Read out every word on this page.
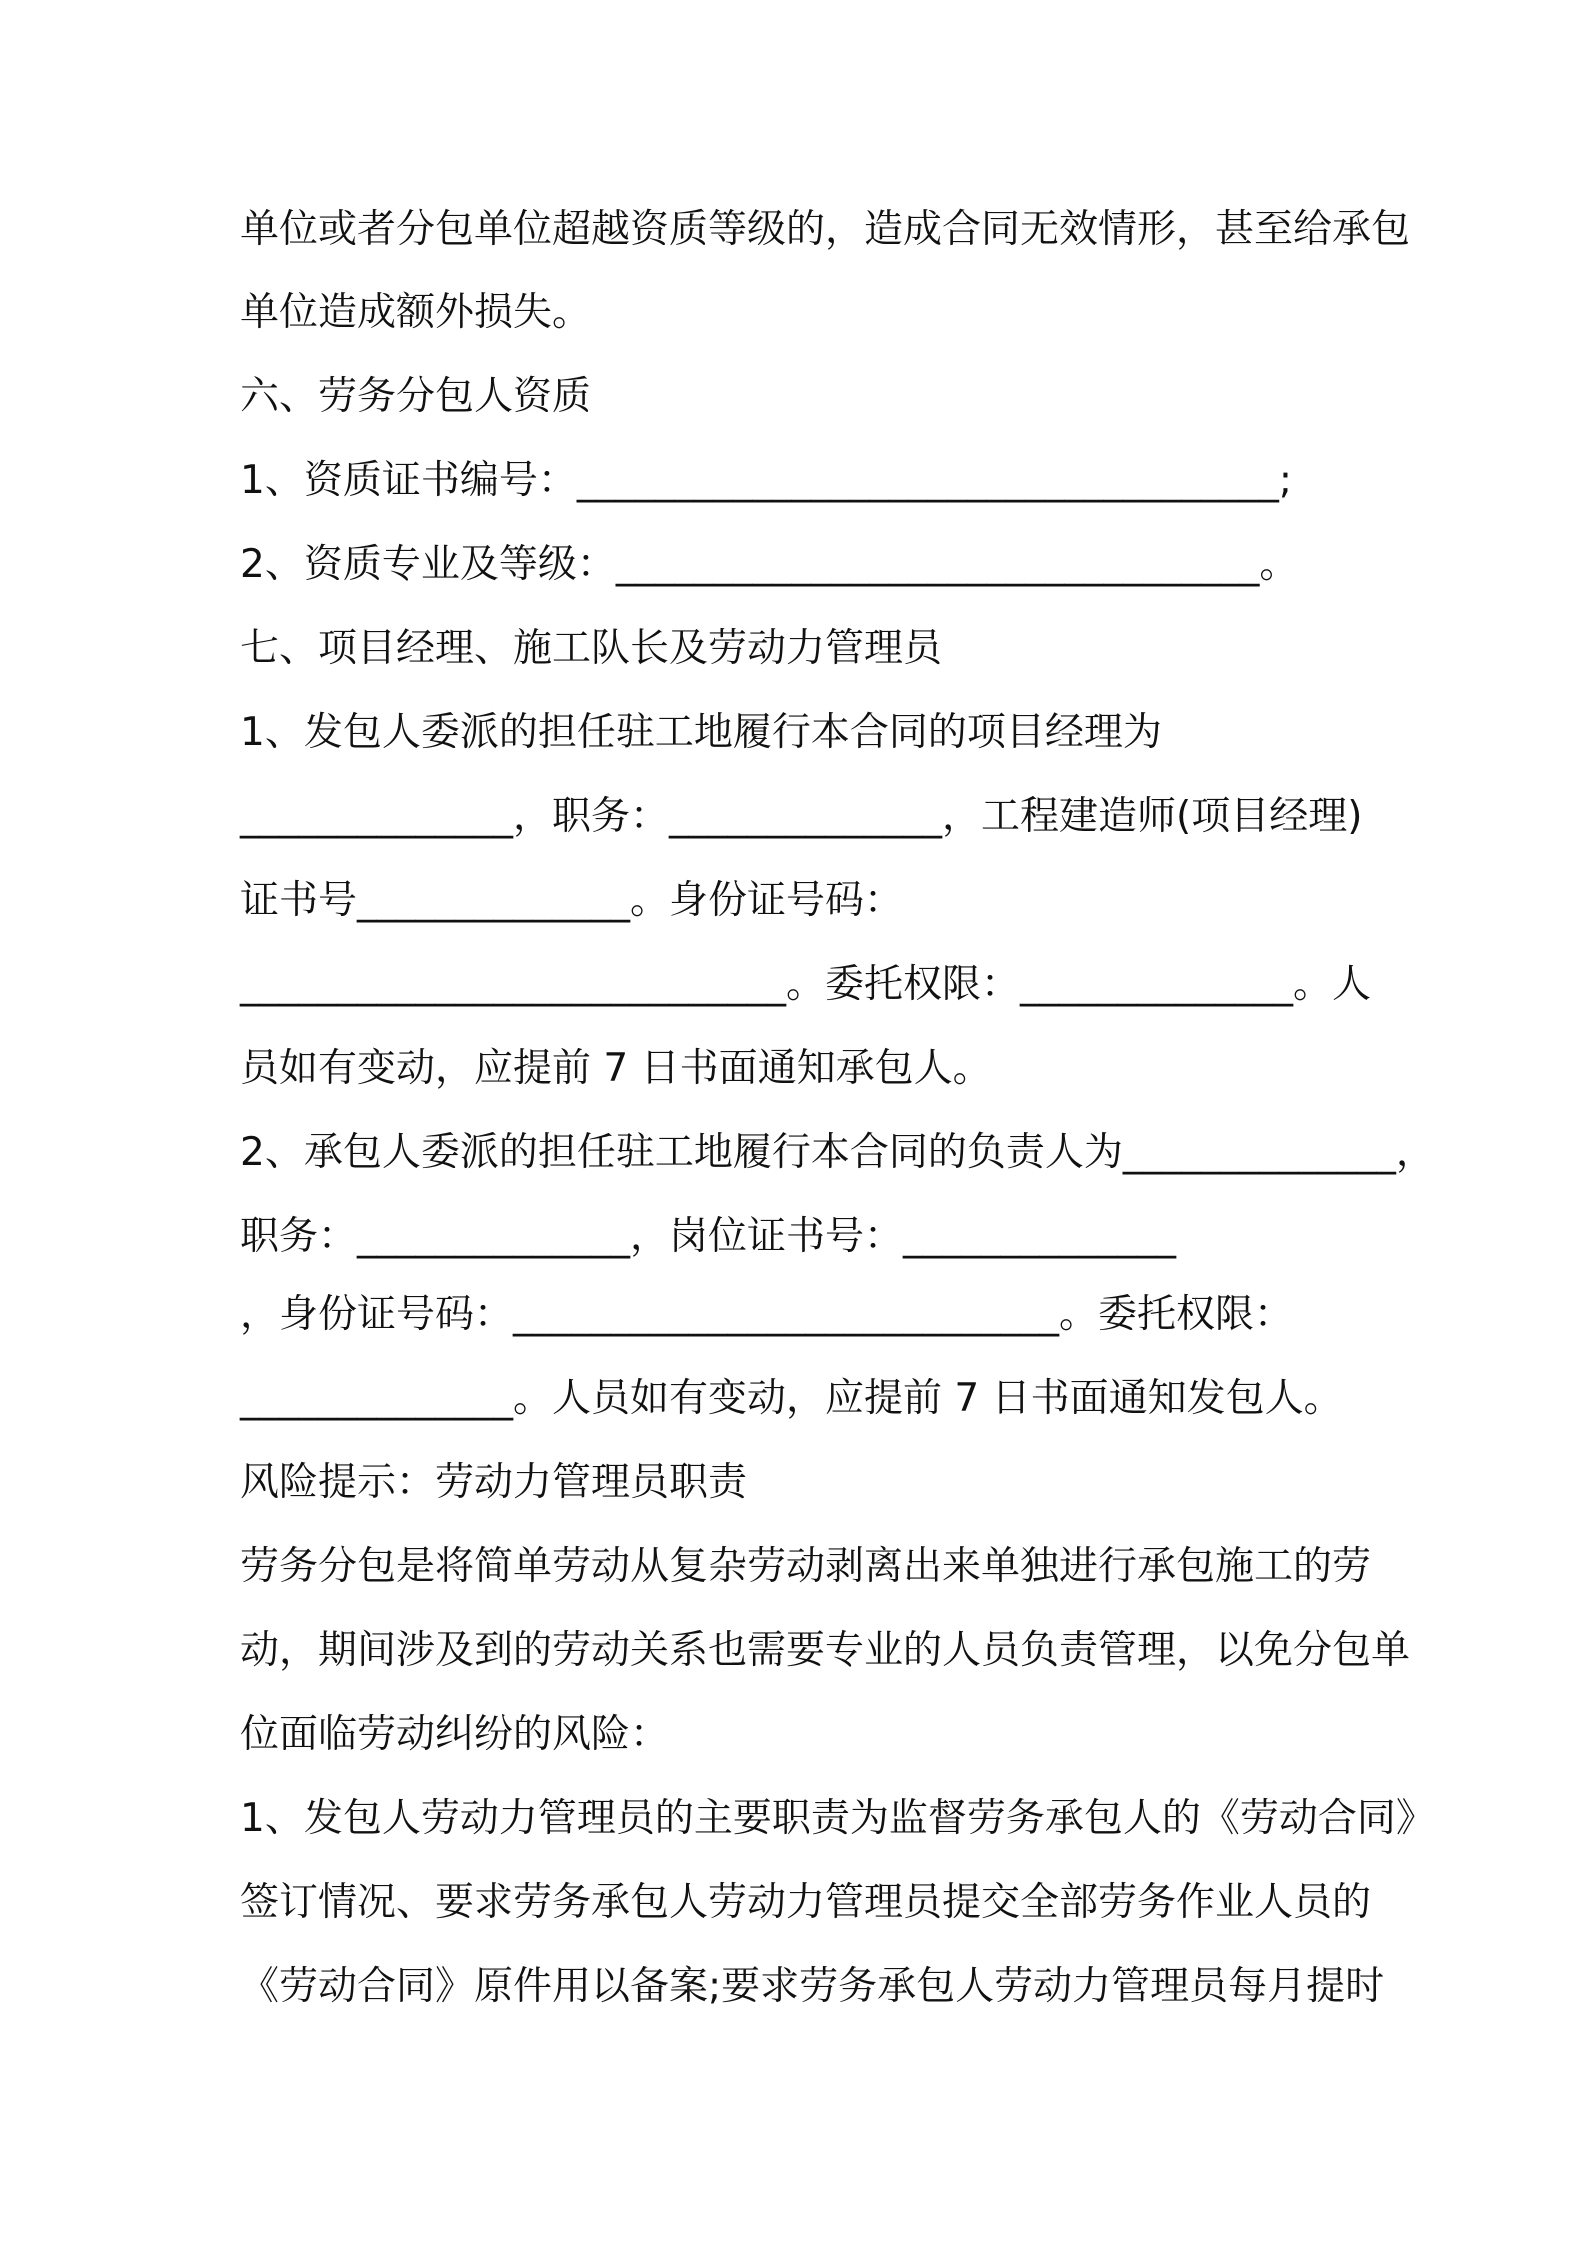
单位或者分包单位超越资质等级的，造成合同无效情形，甚至给承包
单位造成额外损失。
六、劳务分包人资质
1、资质证书编号：____________________________________;
2、资质专业及等级：_________________________________。
七、项目经理、施工队长及劳动力管理员
1、发包人委派的担任驻工地履行本合同的项目经理为
______________，职务：______________，工程建造师(项目经理)
证书号______________。身份证号码：
____________________________。委托权限：______________。人
员如有变动，应提前 7 日书面通知承包人。
2、承包人委派的担任驻工地履行本合同的负责人为______________，
职务：______________，岗位证书号：______________
，身份证号码：____________________________。委托权限：
______________。人员如有变动，应提前 7 日书面通知发包人。
风险提示：劳动力管理员职责
劳务分包是将简单劳动从复杂劳动剥离出来单独进行承包施工的劳
动，期间涉及到的劳动关系也需要专业的人员负责管理，以免分包单
位面临劳动纠纷的风险：
1、发包人劳动力管理员的主要职责为监督劳务承包人的《劳动合同》
签订情况、要求劳务承包人劳动力管理员提交全部劳务作业人员的
《劳动合同》原件用以备案;要求劳务承包人劳动力管理员每月提时
